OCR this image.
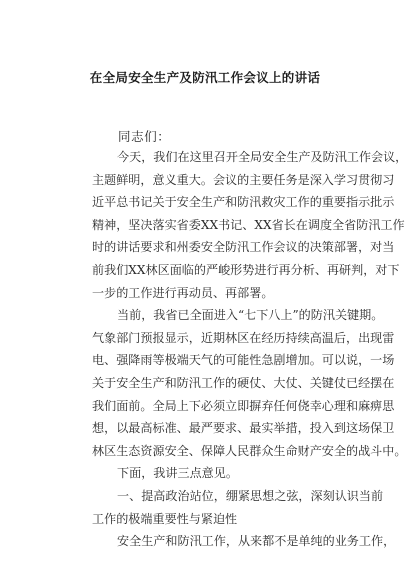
在全局安全生产及防汛工作会议上的讲话
同志们：
今天，我们在这里召开全局安全生产及防汛工作会议，
主题鲜明，意义重大。会议的主要任务是深入学习贯彻习
近平总书记关于安全生产和防汛救灾工作的重要指示批示
精神，坚决落实省委XX书记、XX省长在调度全省防汛工作
时的讲话要求和州委安全防汛工作会议的决策部署，对当
前我们XX林区面临的严峻形势进行再分析、再研判，对下
一步的工作进行再动员、再部署。
当前，我省已全面进入“七下八上”的防汛关键期。
气象部门预报显示，近期林区在经历持续高温后，出现雷
电、强降雨等极端天气的可能性急剧增加。可以说，一场
关于安全生产和防汛工作的硬仗、大仗、关键仗已经摆在
我们面前。全局上下必须立即摒弃任何侥幸心理和麻痹思
想，以最高标准、最严要求、最实举措，投入到这场保卫
林区生态资源安全、保障人民群众生命财产安全的战斗中。
下面，我讲三点意见。
一、提高政治站位，绷紧思想之弦，深刻认识当前
工作的极端重要性与紧迫性
安全生产和防汛工作，从来都不是单纯的业务工作，
